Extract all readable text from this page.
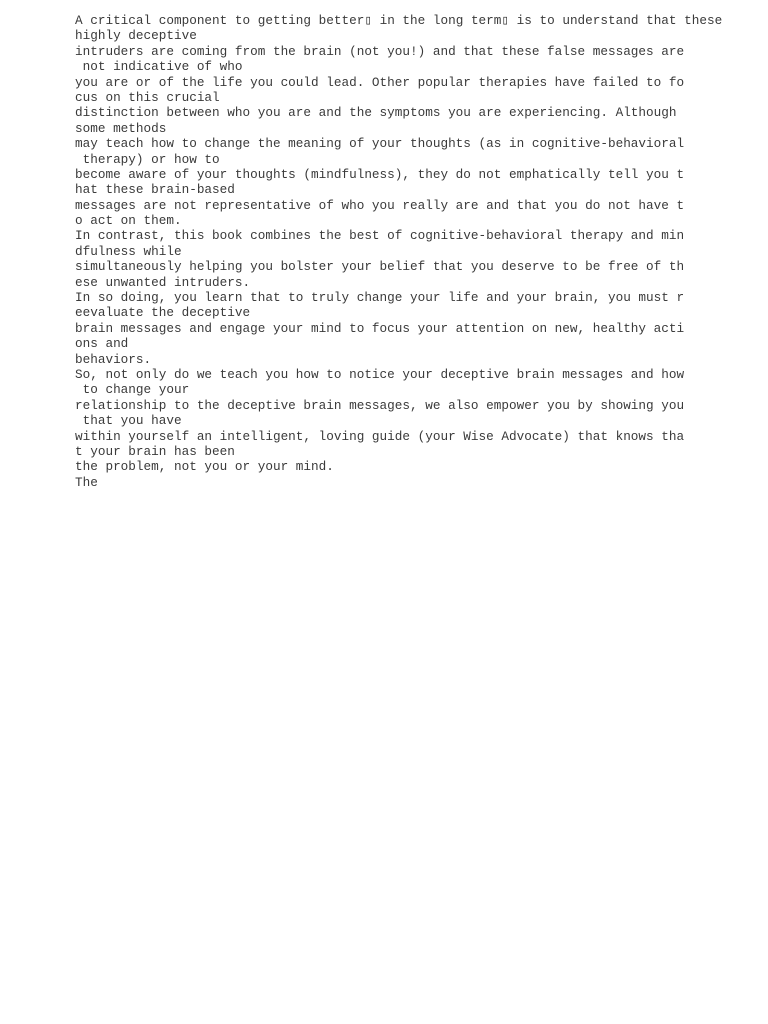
A critical component to getting better▯ in the long term▯ is to understand that these
highly deceptive
intruders are coming from the brain (not you!) and that these false messages are
not indicative of who
you are or of the life you could lead. Other popular therapies have failed to fo
cus on this crucial
distinction between who you are and the symptoms you are experiencing. Although
some methods
may teach how to change the meaning of your thoughts (as in cognitive-behavioral
therapy) or how to
become aware of your thoughts (mindfulness), they do not emphatically tell you t
hat these brain-based
messages are not representative of who you really are and that you do not have t
o act on them.
In contrast, this book combines the best of cognitive-behavioral therapy and min
dfulness while
simultaneously helping you bolster your belief that you deserve to be free of th
ese unwanted intruders.
In so doing, you learn that to truly change your life and your brain, you must r
eevaluate the deceptive
brain messages and engage your mind to focus your attention on new, healthy acti
ons and
behaviors.
So, not only do we teach you how to notice your deceptive brain messages and how
to change your
relationship to the deceptive brain messages, we also empower you by showing you
that you have
within yourself an intelligent, loving guide (your Wise Advocate) that knows tha
t your brain has been
the problem, not you or your mind.
The
